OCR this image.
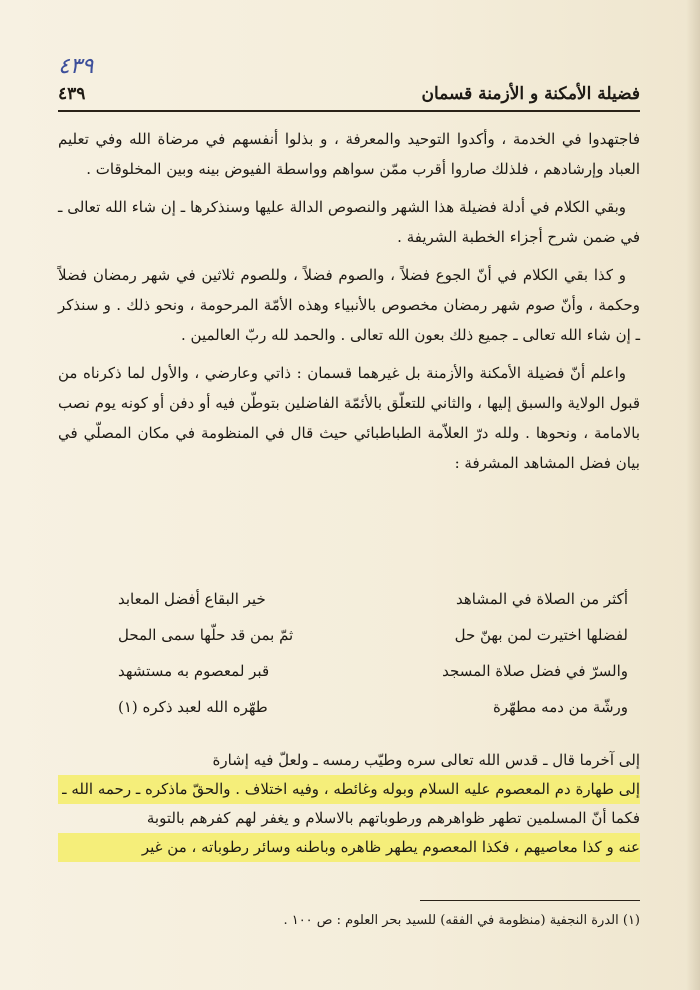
٤٣٩
فضيلة الأمكنة و الأزمنة قسمان
٤٣٩

فاجتهدوا في الخدمة ، وأكدوا التوحيد والمعرفة ، و بذلوا أنفسهم في مرضاة الله وفي تعليم العباد وإرشادهم ، فلذلك صاروا أقرب ممّن سواهم وواسطة الفيوض بينه وبين المخلوقات .

وبقي الكلام في أدلة فضيلة هذا الشهر والنصوص الدالة عليها وسنذكرها ـ إن شاء الله تعالى ـ في ضمن شرح أجزاء الخطبة الشريفة .

و كذا بقي الكلام في أنّ الجوع فضلاً ، والصوم فضلاً ، وللصوم ثلاثين في شهر رمضان فضلاً وحكمة ، وأنّ صوم شهر رمضان مخصوص بالأنبياء وهذه الأمّة المرحومة ، ونحو ذلك . و سنذكر ـ إن شاء الله تعالى ـ جميع ذلك بعون الله تعالى . والحمد لله ربّ العالمين .

واعلم أنّ فضيلة الأمكنة والأزمنة بل غيرهما قسمان : ذاتي وعارضي ، والأول لما ذكرناه من قبول الولاية والسبق إليها ، والثاني للتعلّق بالأئمّة الفاضلين بتوطّن فيه أو دفن أو كونه يوم نصب بالامامة ، ونحوها . ولله درّ العلاّمة الطباطبائي حيث قال في المنظومة في مكان المصلّي في بيان فضل المشاهد المشرفة :

أكثر من الصلاة في المشاهد
خير البقاع أفضل المعابد
لفضلها اختيرت لمن بهنّ حل
ثمّ بمن قد حلّها سمى المحل
والسرّ في فضل صلاة المسجد
قبر لمعصوم به مستشهد
ورشّة من دمه مطهّرة
طهّره الله لعبد ذكره (١)
إلى آخرما قال ـ قدس الله تعالى سره وطيّب رمسه ـ ولعلّ فيه إشارة
إلى طهارة دم المعصوم عليه السلام وبوله وغائطه ، وفيه اختلاف . والحقّ ماذكره ـ رحمه الله ـ
فكما أنّ المسلمين تطهر ظواهرهم ورطوباتهم بالاسلام و يغفر لهم كفرهم بالتوبة
عنه و كذا معاصيهم ، فكذا المعصوم يطهر ظاهره وباطنه وسائر رطوباته ، من غير
(١) الدرة النجفية (منظومة في الفقه) للسيد بحر العلوم : ص ١٠٠ .
